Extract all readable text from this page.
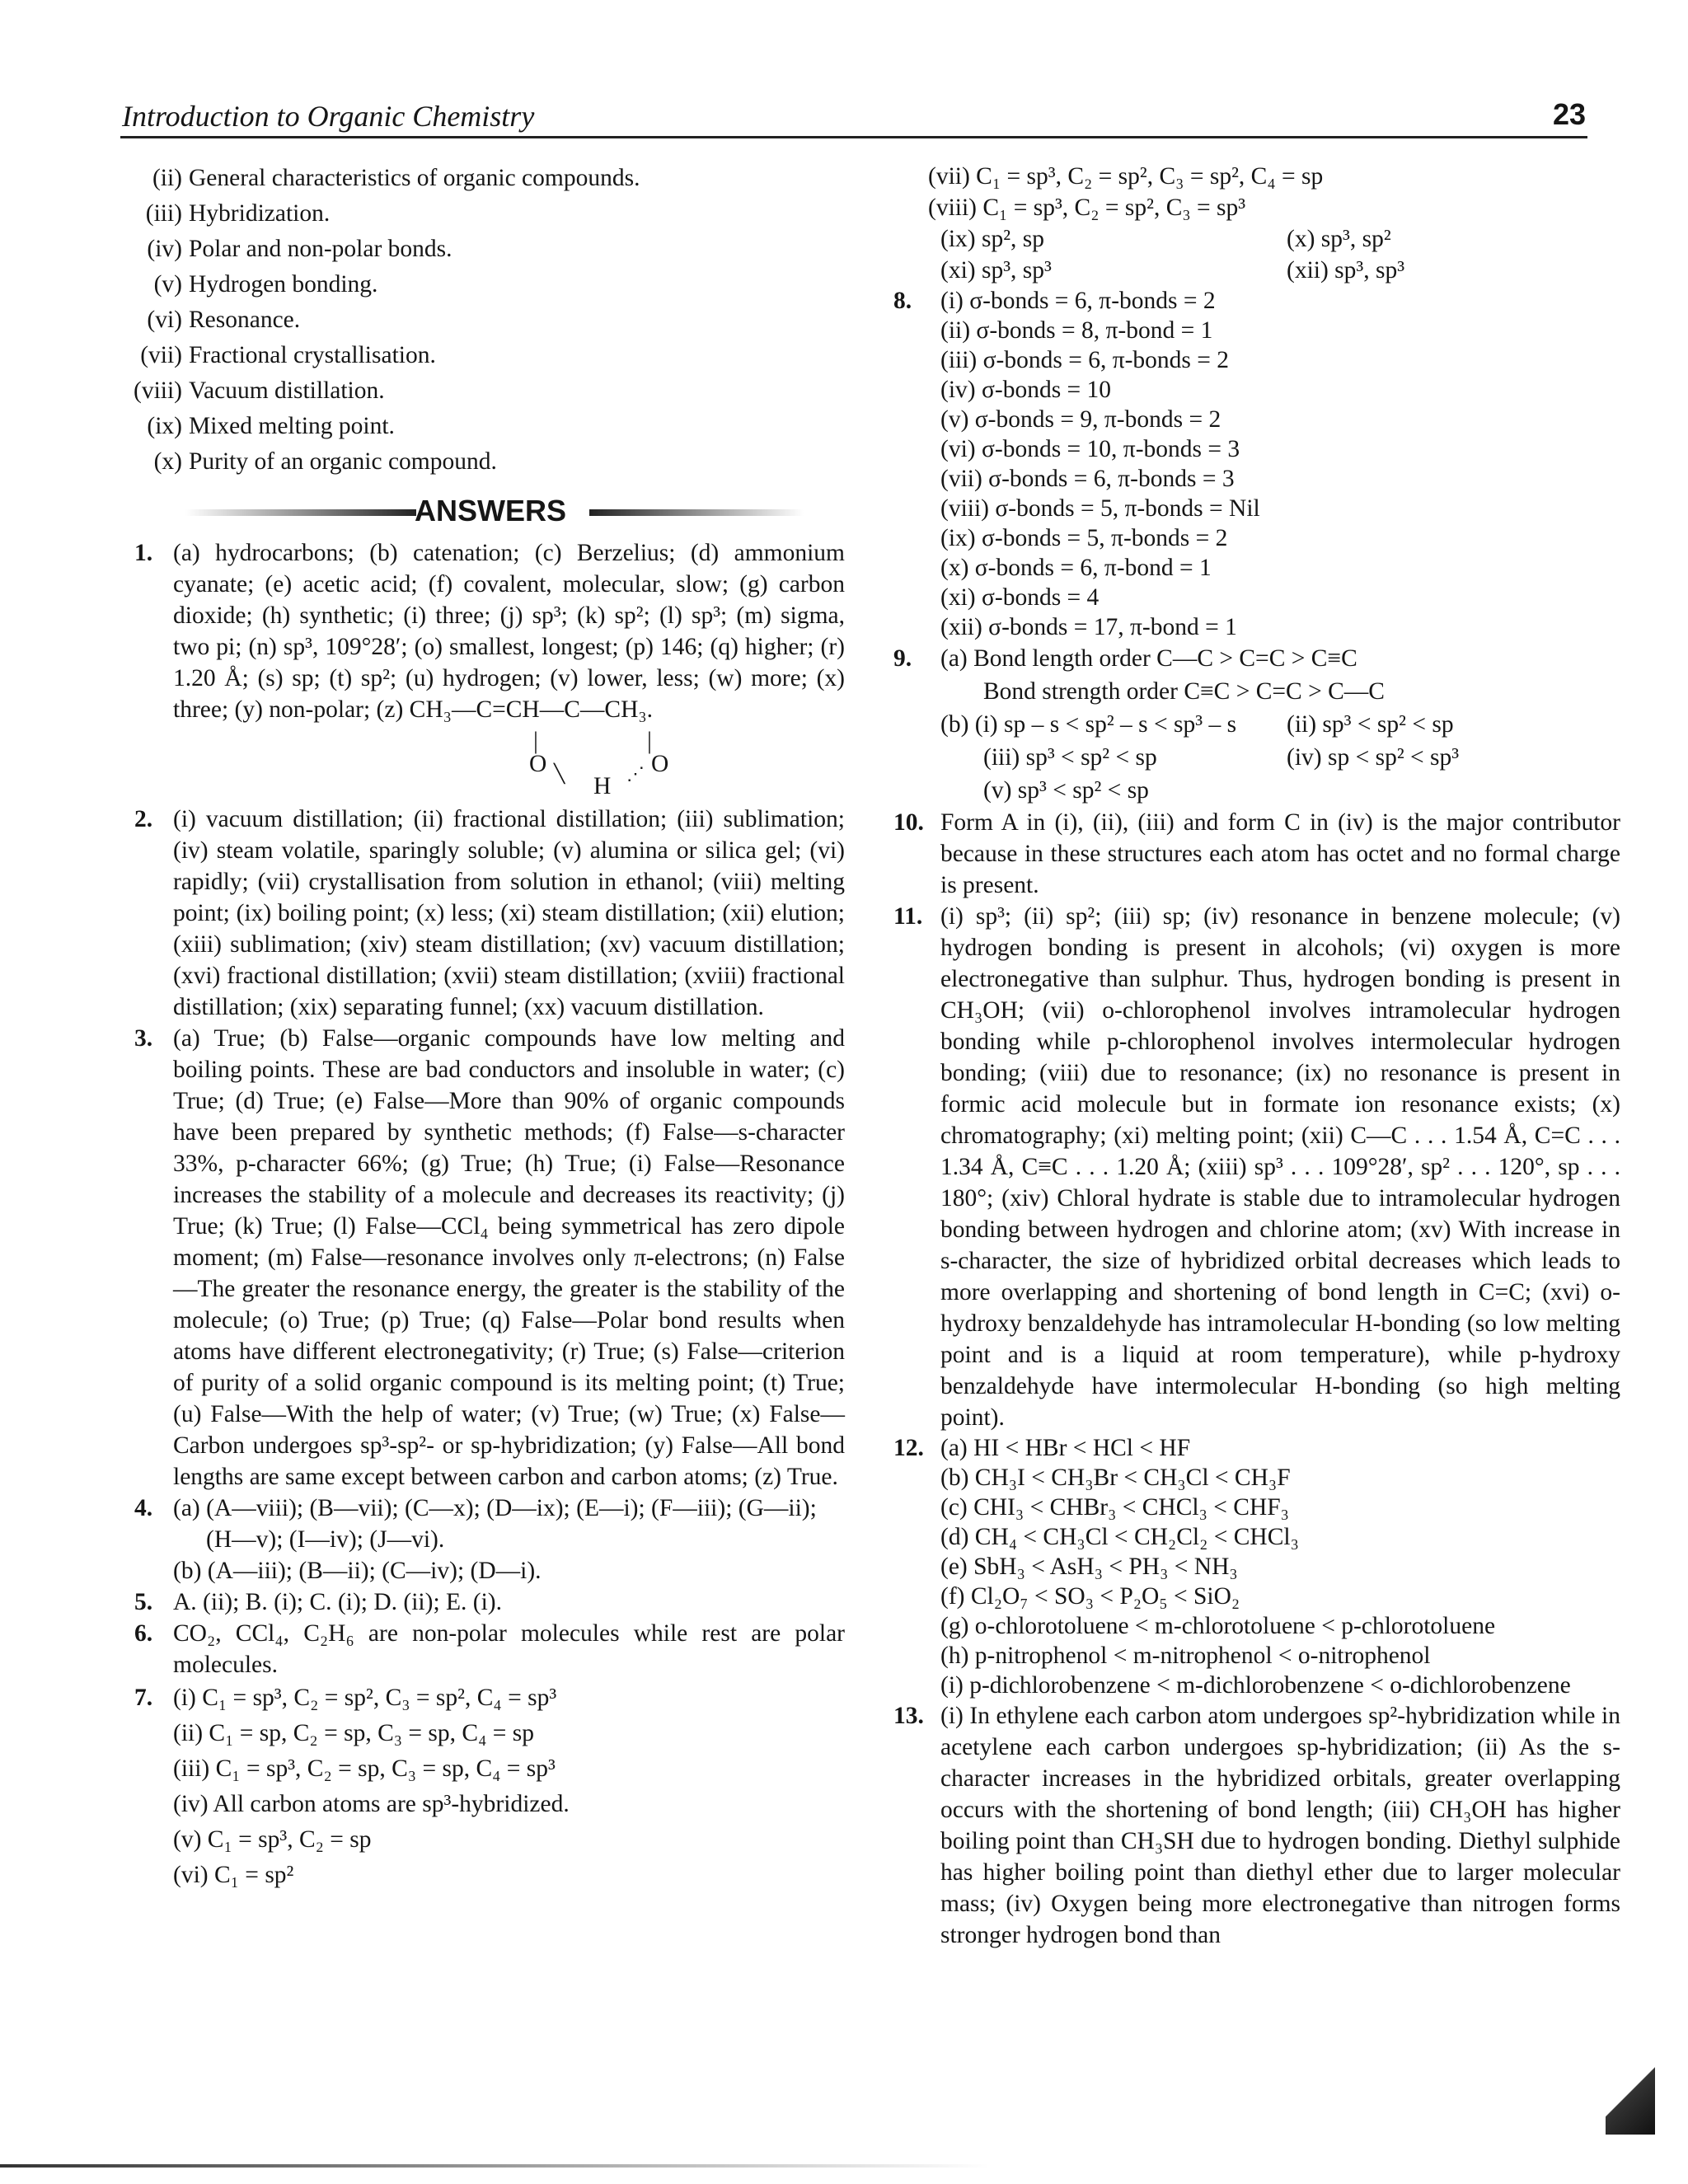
Introduction to Organic Chemistry	23

(ii) General characteristics of organic compounds.

(iii) Hybridization.

(iv) Polar and non-polar bonds.

(v) Hydrogen bonding.

(vi) Resonance.

(vii) Fractional crystallisation.

(viii) Vacuum distillation.

(ix) Mixed melting point.

(x) Purity of an organic compound.

ANSWERS
1. (a) hydrocarbons; (b) catenation; (c) Berzelius; (d) ammonium cyanate; (e) acetic acid; (f) covalent, molecular, slow; (g) carbon dioxide; (h) synthetic; (i) three; (j) sp³; (k) sp²; (l) sp³; (m) sigma, two pi; (n) sp³, 109°28′; (o) smallest, longest; (p) 146; (q) higher; (r) 1.20 Å; (s) sp; (t) sp²; (u) hydrogen; (v) lower, less; (w) more; (x) three; (y) non-polar; (z) CH₃—C=CH—C—CH₃.
|	|
O	O
╲	⋰
H
2. (i) vacuum distillation; (ii) fractional distillation; (iii) sublimation; (iv) steam volatile, sparingly soluble; (v) alumina or silica gel; (vi) rapidly; (vii) crystallisation from solution in ethanol; (viii) melting point; (ix) boiling point; (x) less; (xi) steam distillation; (xii) elution; (xiii) sublimation; (xiv) steam distillation; (xv) vacuum distillation; (xvi) fractional distillation; (xvii) steam distillation; (xviii) fractional distillation; (xix) separating funnel; (xx) vacuum distillation.
3. (a) True; (b) False—organic compounds have low melting and boiling points. These are bad conductors and insoluble in water; (c) True; (d) True; (e) False—More than 90% of organic compounds have been prepared by synthetic methods; (f) False—s-character 33%, p-character 66%; (g) True; (h) True; (i) False—Resonance increases the stability of a molecule and decreases its reactivity; (j) True; (k) True; (l) False—CCl₄ being symmetrical has zero dipole moment; (m) False—resonance involves only π-electrons; (n) False—The greater the resonance energy, the greater is the stability of the molecule; (o) True; (p) True; (q) False—Polar bond results when atoms have different electronegativity; (r) True; (s) False—criterion of purity of a solid organic compound is its melting point; (t) True; (u) False—With the help of water; (v) True; (w) True; (x) False—Carbon undergoes sp³-sp²- or sp-hybridization; (y) False—All bond lengths are same except between carbon and carbon atoms; (z) True.
4. (a) (A—viii); (B—vii); (C—x); (D—ix); (E—i); (F—iii); (G—ii);
(H—v); (I—iv); (J—vi).
(b) (A—iii); (B—ii); (C—iv); (D—i).
5. A. (ii); B. (i); C. (i); D. (ii); E. (i).
6. CO₂, CCl₄, C₂H₆ are non-polar molecules while rest are polar molecules.
7. (i) C₁ = sp³, C₂ = sp², C₃ = sp², C₄ = sp³
(ii) C₁ = sp, C₂ = sp, C₃ = sp, C₄ = sp
(iii) C₁ = sp³, C₂ = sp, C₃ = sp, C₄ = sp³
(iv) All carbon atoms are sp³-hybridized.
(v) C₁ = sp³, C₂ = sp
(vi) C₁ = sp²
(vii) C₁ = sp³, C₂ = sp², C₃ = sp², C₄ = sp
(viii) C₁ = sp³, C₂ = sp², C₃ = sp³
(ix) sp², sp	(x) sp³, sp²
(xi) sp³, sp³	(xii) sp³, sp³
8. (i) σ-bonds = 6, π-bonds = 2
(ii) σ-bonds = 8, π-bond = 1
(iii) σ-bonds = 6, π-bonds = 2
(iv) σ-bonds = 10
(v) σ-bonds = 9, π-bonds = 2
(vi) σ-bonds = 10, π-bonds = 3
(vii) σ-bonds = 6, π-bonds = 3
(viii) σ-bonds = 5, π-bonds = Nil
(ix) σ-bonds = 5, π-bonds = 2
(x) σ-bonds = 6, π-bond = 1
(xi) σ-bonds = 4
(xii) σ-bonds = 17, π-bond = 1
9. (a) Bond length order C—C > C=C > C≡C
Bond strength order C≡C > C=C > C—C
(b) (i) sp – s < sp² – s < sp³ – s (ii) sp³ < sp² < sp
(iii) sp³ < sp² < sp	(iv) sp < sp² < sp³
(v) sp³ < sp² < sp
10. Form A in (i), (ii), (iii) and form C in (iv) is the major contributor because in these structures each atom has octet and no formal charge is present.
11. (i) sp³; (ii) sp²; (iii) sp; (iv) resonance in benzene molecule; (v) hydrogen bonding is present in alcohols; (vi) oxygen is more electronegative than sulphur. Thus, hydrogen bonding is present in CH₃OH; (vii) o-chlorophenol involves intramolecular hydrogen bonding while p-chlorophenol involves intermolecular hydrogen bonding; (viii) due to resonance; (ix) no resonance is present in formic acid molecule but in formate ion resonance exists; (x) chromatography; (xi) melting point; (xii) C—C . . . 1.54 Å, C=C . . . 1.34 Å, C≡C . . . 1.20 Å; (xiii) sp³ . . . 109°28′, sp² . . . 120°, sp . . . 180°; (xiv) Chloral hydrate is stable due to intramolecular hydrogen bonding between hydrogen and chlorine atom; (xv) With increase in s-character, the size of hybridized orbital decreases which leads to more overlapping and shortening of bond length in C=C; (xvi) o-hydroxy benzaldehyde has intramolecular H-bonding (so low melting point and is a liquid at room temperature), while p-hydroxy benzaldehyde have intermolecular H-bonding (so high melting point).
12. (a) HI < HBr < HCl < HF
(b) CH₃I < CH₃Br < CH₃Cl < CH₃F
(c) CHI₃ < CHBr₃ < CHCl₃ < CHF₃
(d) CH₄ < CH₃Cl < CH₂Cl₂ < CHCl₃
(e) SbH₃ < AsH₃ < PH₃ < NH₃
(f) Cl₂O₇ < SO₃ < P₂O₅ < SiO₂
(g) o-chlorotoluene < m-chlorotoluene < p-chlorotoluene
(h) p-nitrophenol < m-nitrophenol < o-nitrophenol
(i) p-dichlorobenzene < m-dichlorobenzene < o-dichlorobenzene
13. (i) In ethylene each carbon atom undergoes sp²-hybridization while in acetylene each carbon undergoes sp-hybridization; (ii) As the s-character increases in the hybridized orbitals, greater overlapping occurs with the shortening of bond length; (iii) CH₃OH has higher boiling point than CH₃SH due to hydrogen bonding. Diethyl sulphide has higher boiling point than diethyl ether due to larger molecular mass; (iv) Oxygen being more electronegative than nitrogen forms stronger hydrogen bond than
